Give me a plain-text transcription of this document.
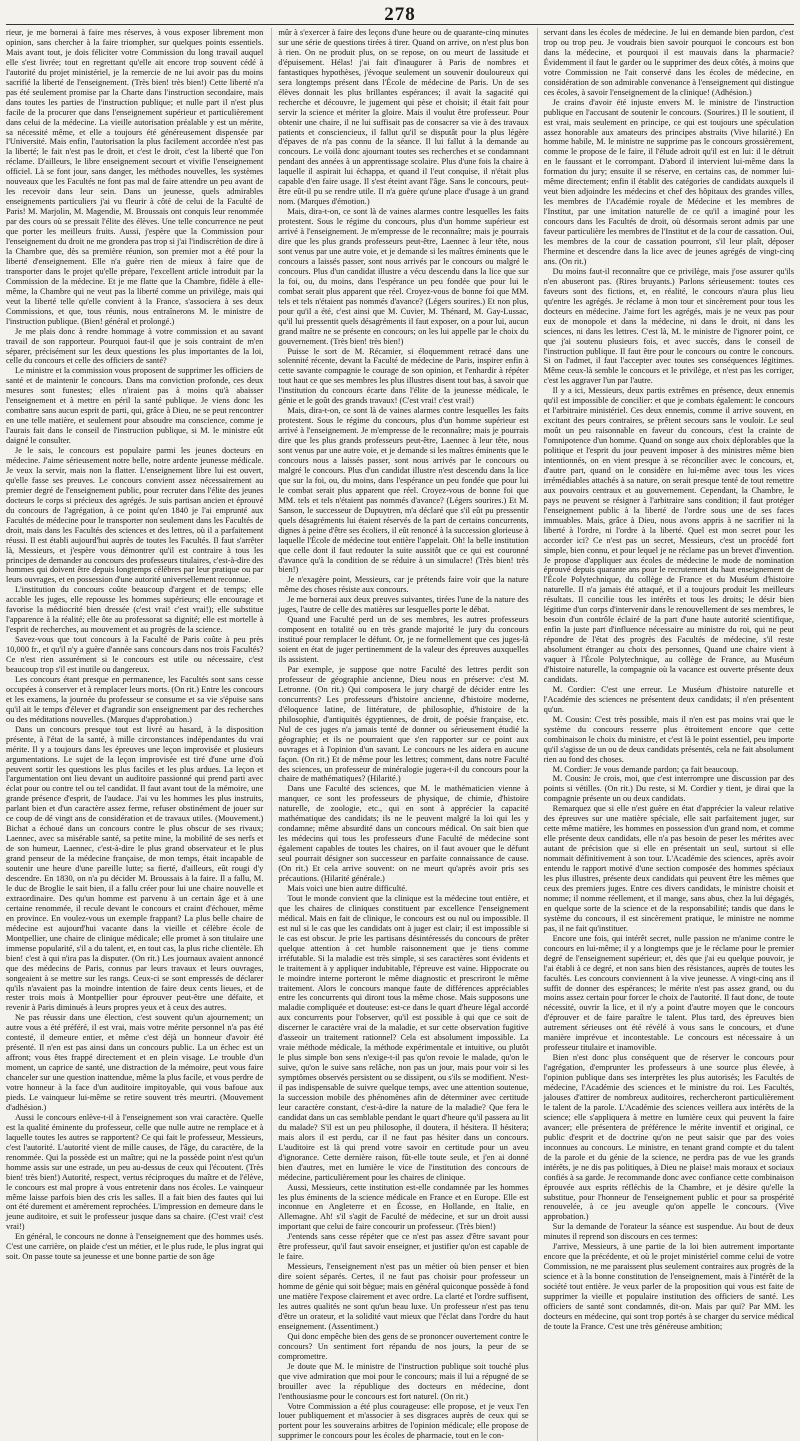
278

rieur, je me bornerai à faire mes réserves, à vous exposer librement mon opinion, sans chercher à la faire triompher, sur quelques points essentiels. Mais avant tout, je dois féliciter votre Commission du long travail auquel elle s'est livrée; tout en regrettant qu'elle ait encore trop souvent cédé à l'autorité du projet ministériel, je la remercie de ne lui avoir pas du moins sacrifié la liberté de l'enseignement. (Très bien! très bien!) Cette liberté n'a pas été seulement promise par la Charte dans l'instruction secondaire, mais dans toutes les parties de l'instruction publique; et nulle part il n'est plus facile de la procurer que dans l'enseignement supérieur et particulièrement dans celui de la médecine. La vieille autorisation préalable y est un mérite, sa nécessité même, et elle a toujours été généreusement dispensée par l'Université. Mais enfin, l'autorisation la plus facilement accordée n'est pas la liberté; le fait n'est pas le droit, et c'est le droit, c'est la liberté que l'on réclame. D'ailleurs, le libre enseignement secourt et vivifie l'enseignement officiel. Là se font jour, sans danger, les méthodes nouvelles, les systèmes nouveaux que les Facultés ne font pas mal de faire attendre un peu avant de les recevoir dans leur sein. Dans un jeunesse, quels admirables enseignements particuliers j'ai vu fleurir à côté de celui de la Faculté de Paris! M. Marjolin, M. Magendie, M. Broussais ont conquis leur renommée par des cours où se pressait l'élite des élèves. Une telle concurrence ne peut que porter les meilleurs fruits. Aussi, j'espère que la Commission pour l'enseignement du droit ne me grondera pas trop si j'ai l'indiscrétion de dire à la Chambre que, dès sa première réunion, son premier mot a été pour la liberté d'enseignement. Elle n'a guère rien de mieux à faire que de transporter dans le projet qu'elle prépare, l'excellent article introduit par la Commission de la médecine. Et je me flatte que la Chambre, fidèle à elle-même, la Chambre qui ne veut pas la liberté comme un privilège, mais qui veut la liberté telle qu'elle convient à la France, s'associera à ses deux Commissions, et que, tous réunis, nous entraînerons M. le ministre de l'instruction publique. (Bien! général et prolongé.)

Je me plais donc à rendre hommage à votre commission et au savant travail de son rapporteur. Pourquoi faut-il que je sois contraint de m'en séparer, précisément sur les deux questions les plus importantes de la loi, celle du concours et celle des officiers de santé?

Le ministre et la commission vous proposent de supprimer les officiers de santé et de maintenir le concours. Dans ma conviction profonde, ces deux mesures sont funestes; elles n'iraient pas à moins qu'à abaisser l'enseignement et à mettre en péril la santé publique. Je viens donc les combattre sans aucun esprit de parti, qui, grâce à Dieu, ne se peut rencontrer en une telle matière, et seulement pour absoudre ma conscience, comme je l'aurais fait dans le conseil de l'instruction publique, si M. le ministre eût daigné le consulter.

Je le sais, le concours est populaire parmi les jeunes docteurs en médecine. J'aime sérieusement notre belle, notre ardente jeunesse médicale. Je veux la servir, mais non la flatter. L'enseignement libre lui est ouvert, qu'elle fasse ses preuves. Le concours convient assez nécessairement au premier degré de l'enseignement public, pour recruter dans l'élite des jeunes docteurs le corps si précieux des agrégés. Je suis partisan ancien et éprouvé du concours de l'agrégation, à ce point qu'en 1840 je l'ai emprunté aux Facultés de médecine pour le transporter non seulement dans les Facultés de droit, mais dans les Facultés des sciences et des lettres, où il a parfaitement réussi. Il est établi aujourd'hui auprès de toutes les Facultés. Il faut s'arrêter là, Messieurs, et j'espère vous démontrer qu'il est contraire à tous les principes de demander au concours des professeurs titulaires, c'est-à-dire des hommes qui doivent être depuis longtemps célèbres par leur pratique ou par leurs ouvrages, et en possession d'une autorité universellement reconnue.

L'institution du concours coûte beaucoup d'argent et de temps; elle accable les juges, elle repousse les hommes supérieurs; elle encourage et favorise la médiocrité bien dressée (c'est vrai! c'est vrai!); elle substitue l'apparence à la réalité; elle ôte au professorat sa dignité; elle est mortelle à l'esprit de recherches, au mouvement et au progrès de la science.

Savez-vous que tout concours à la Faculté de Paris coûte à peu près 10,000 fr., et qu'il n'y a guère d'année sans concours dans nos trois Facultés? Ce n'est rien assurément si le concours est utile ou nécessaire, c'est beaucoup trop s'il est inutile ou dangereux.

Les concours étant presque en permanence, les Facultés sont sans cesse occupées à conserver et à remplacer leurs morts. (On rit.) Entre les concours et les examens, la journée du professeur se consume et sa vie s'épuise sans qu'il ait le temps d'élever et d'agrandir son enseignement par des recherches ou des méditations nouvelles. (Marques d'approbation.)

Dans un concours presque tout est livré au hasard, à la disposition présente, à l'état de la santé, à mille circonstances indépendantes du vrai mérite. Il y a toujours dans les épreuves une leçon improvisée et plusieurs argumentations. Le sujet de la leçon improvisée est tiré d'une urne d'où peuvent sortir les questions les plus faciles et les plus ardues. La leçon et l'argumentation ont lieu devant un auditoire passionné qui prend parti avec éclat pour ou contre tel ou tel candidat. Il faut avant tout de la mémoire, une grande présence d'esprit, de l'audace. J'ai vu les hommes les plus instruits, parlant bien et d'un caractère assez ferme, refuser obstinément de jouer sur ce coup de dé vingt ans de considération et de travaux utiles. (Mouvement.) Bichat a échoué dans un concours contre le plus obscur de ses rivaux; Laennec, avec sa misérable santé, sa petite mine, la mobilité de ses nerfs et de son humeur, Laennec, c'est-à-dire le plus grand observateur et le plus grand penseur de la médecine française, de mon temps, était incapable de soutenir une heure d'une pareille lutte; sa fierté, d'ailleurs, eût rougi d'y descendre. En 1830, on n'a pu décider M. Broussais à la faire. Il a fallu, M. le duc de Broglie le sait bien, il a fallu créer pour lui une chaire nouvelle et extraordinaire. Des qu'un homme est parvenu à un certain âge et à une certaine renommée, il recule devant le concours et craint d'échouer, même en province. En voulez-vous un exemple frappant? La plus belle chaire de médecine est aujourd'hui vacante dans la vieille et célèbre école de Montpellier, une chaire de clinique médicale; elle promet à son titulaire une immense popularité, s'il a du talent, et, en tout cas, la plus riche clientèle. Eh bien! c'est à qui n'ira pas la disputer. (On rit.) Les journaux avaient annoncé que des médecins de Paris, connus par leurs travaux et leurs ouvrages, songeaient à se mettre sur les rangs. Ceux-ci se sont empressés de déclarer qu'ils n'avaient pas la moindre intention de faire deux cents lieues, et de rester trois mois à Montpellier pour éprouver peut-être une défaite, et revenir à Paris diminués à leurs propres yeux et à ceux des autres.

Ne pas réussir dans une élection, c'est souvent qu'un ajournement; un autre vous a été préféré, il est vrai, mais votre mérite personnel n'a pas été contesté, il demeure entier, et même c'est déjà un honneur d'avoir été présenté. Il n'en est pas ainsi dans un concours public. La un échec est un affront; vous êtes frappé directement et en plein visage. Le trouble d'un moment, un caprice de santé, une distraction de la mémoire, peut vous faire chanceler sur une question inattendue, même la plus facile, et vous perdre de votre honneur à la face d'un auditoire impitoyable, qui vous bafoue aux pieds. Le vainqueur lui-même se retire souvent très meurtri. (Mouvement d'adhésion.)

Aussi le concours enlève-t-il à l'enseignement son vrai caractère. Quelle est la qualité éminente du professeur, celle que nulle autre ne remplace et à laquelle toutes les autres se rapportent? Ce qui fait le professeur, Messieurs, c'est l'autorité. L'autorité vient de mille causes, de l'âge, du caractère, de la renommée. Qui la possède est un maître; qui ne la possède point n'est qu'un homme assis sur une estrade, un peu au-dessus de ceux qui l'écoutent. (Très bien! très bien!) Autorité, respect, vertus réciproques du maître et de l'élève, le concours est mal propre à vous entretenir dans nos écoles. Le vainqueur même laisse parfois bien des cris les salles. Il a fait bien des fautes qui lui ont été durement et amèrement reprochées. L'impression en demeure dans le jeune auditoire, et suit le professeur jusque dans sa chaire. (C'est vrai! c'est vrai!)

En général, le concours ne donne à l'enseignement que des hommes usés. C'est une carrière, on plaide c'est un métier, et le plus rude, le plus ingrat qui soit. On passe toute sa jeunesse et une bonne partie de son âge

mûr à s'exercer à faire des leçons d'une heure ou de quarante-cinq minutes sur une série de questions tirées à tirer. Quand on arrive, on n'est plus bon à rien. On ne produit plus, on se repose, on ou meurt de lassitude et d'épuisement. Hélas! j'ai fait d'inaugurer à Paris de nombres et fantastiques hypothèses, j'évoque seulement un souvenir douloureux qui sera longtemps présent dans l'École de médecine de Paris. Un de ses élèves donnait les plus brillantes espérances; il avait la sagacité qui recherche et découvre, le jugement qui pèse et choisit; il était fait pour servir la science et mériter la gloire. Mais il voulut être professeur. Pour obtenir une chaire, il ne lui suffisait pas de consacrer sa vie à des travaux patients et consciencieux, il fallut qu'il se disputât pour la plus légère d'épaves de n'a pas connu de la séance. Il lui fallut à la demande au concours. Le voilà donc ajournant toutes ses recherches et se condamnant pendant des années à un apprentissage scolaire. Plus d'une fois la chaire à laquelle il aspirait lui échappa, et quand il l'eut conquise, il n'était plus capable d'en faire usage. Il s'est éteint avant l'âge. Sans le concours, peut-être eût-il pu se rendre utile. Il n'a guère qu'une place d'usage à un grand nom. (Marques d'émotion.)

Mais, dira-t-on, ce sont là de vaines alarmes contre lesquelles les faits protestent. Sous le régime du concours, plus d'un homme supérieur est arrivé à l'enseignement. Je m'empresse de le reconnaître; mais je pourrais dire que les plus grands professeurs peut-être, Laennec à leur tête, nous sont venus par une autre voie, et je demande si les maîtres éminents que le concours a laissés passer, sont nous arrivés par le concours ou malgré le concours. Plus d'un candidat illustre a vécu descendu dans la lice que sur la foi, ou, du moins, dans l'espérance un peu fondée que pour lui le combat serait plus apparent que réel. Croyez-vous de bonne foi que MM. tels et tels n'étaient pas nommés d'avance? (Légers sourires.) Et non plus, pour qu'il a été, c'est ainsi que M. Cuvier, M. Thénard, M. Gay-Lussac, qu'il lui pressentit quels désagréments il faut exposer, on a pour lui, aucun grand maître ne se présente en concours; on les lui appelle par le choix du gouvernement. (Très bien! très bien!)

Puisse le sort de M. Récamier, si éloquemment retracé dans une solennité récente, devant la Faculté de médecine de Paris, inspirer enfin à cette savante compagnie le courage de son opinion, et l'enhardir à répéter tout haut ce que ses membres les plus illustres disent tout bas, à savoir que l'institution du concours écarte dans l'élite de la jeunesse médicale, le génie et le goût des grands travaux! (C'est vrai! c'est vrai!)

Mais, dira-t-on, ce sont là de vaines alarmes contre lesquelles les faits protestent. Sous le régime du concours, plus d'un homme supérieur est arrivé à l'enseignement. Je m'empresse de le reconnaître; mais je pourrais dire que les plus grands professeurs peut-être, Laennec à leur tête, nous sont venus par une autre voie, et je demande si les maîtres éminents que le concours nous a laissés passer, sont nous arrivés par le concours ou malgré le concours. Plus d'un candidat illustre n'est descendu dans la lice que sur la foi, ou, du moins, dans l'espérance un peu fondée que pour lui le combat serait plus apparent que réel. Croyez-vous de bonne foi que MM. tels et tels n'étaient pas nommés d'avance? (Légers sourires.) Et M. Sanson, le successeur de Dupuytren, m'a déclaré que s'il eût pu pressentir quels désagréments lui étaient réservés de la part de certains concurrents, dignes à peine d'être ses écoliers, il eût renoncé à la succession glorieuse à laquelle l'École de médecine tout entière l'appelait. Oh! la belle institution que celle dont il faut redouter la suite aussitôt que ce qui est couronné d'avance qu'à la condition de se réduire à un simulacre! (Très bien! très bien!)

Je n'exagère point, Messieurs, car je prétends faire voir que la nature même des choses résiste aux concours.

Je me bornerai aux deux preuves suivantes, tirées l'une de la nature des juges, l'autre de celle des matières sur lesquelles porte le débat.

Quand une Faculté perd un de ses membres, les autres professeurs composent en totalité ou en très grande majorité le jury du concours institué pour remplacer le défunt. Or, je ne formellement que ces juges-là soient en état de juger pertinemment de la valeur des épreuves auxquelles ils assistent.

Par exemple, je suppose que notre Faculté des lettres perdit son professeur de géographie ancienne, Dieu nous en préserve: c'est M. Letronne. (On rit.) Qui composera le jury chargé de décider entre les concurrents? Les professeurs d'histoire ancienne, d'histoire moderne, d'éloquence latine, de littérature, de philosophie, d'histoire de la philosophie, d'antiquités égyptiennes, de droit, de poésie française, etc. Nul de ces juges n'a jamais tenté de donner ou sérieusement étudié la géographie; et ils ne pourraient que s'en rapporter sur ce point aux ouvrages et à l'opinion d'un savant. Le concours ne les aidera en aucune façon. (On rit.) Et de même pour les lettres; comment, dans notre Faculté des sciences, un professeur de minéralogie jugera-t-il du concours pour la chaire de mathématiques? (Hilarité.)

Dans une Faculté des sciences, que M. le mathématicien vienne à manquer, ce sont les professeurs de physique, de chimie, d'histoire naturelle, de zoologie, etc., qui en sont à apprécier la capacité mathématique des candidats; ils ne le peuvent malgré la loi qui les y condamne; même absurdité dans un concours médical. On sait bien que les médecins qui tous les professeurs d'une Faculté de médecine sont également capables de toutes les chaires, on il faut avouer que le défunt seul pourrait désigner son successeur en parfaite connaissance de cause. (On rit.) Et cela arrive souvent: on ne meurt qu'après avoir pris ses précautions. (Hilarité générale.)

Mais voici une bien autre difficulté.

Tout le monde convient que la clinique est la médecine tout entière, et que les chaires de cliniques constituent par excellence l'enseignement médical. Mais en fait de clinique, le concours est ou nul ou impossible. Il est nul si le cas que les candidats ont à juger est clair; il est impossible si le cas est obscur. Je prie les partisans désintéressés du concours de prêter quelque attention à cet humble raisonnement que je tiens comme irréfutable. Si la maladie est très simple, si ses caractères sont évidents et le traitement à y appliquer indubitable, l'épreuve est vaine. Hippocrate ou le moindre interne porteront le même diagnostic et prescriront le même traitement. Alors le concours manque faute de différences appréciables entre les concurrents qui diront tous la même chose. Mais supposons une maladie compliquée et douteuse: est-ce dans le quart d'heure légal accordé aux concurrents pour l'observer, qu'il est possible à qui que ce soit de discerner le caractère vrai de la maladie, et sur cette observation fugitive d'asseoir un traitement rationnel? Cela est absolument impossible. La vraie méthode médicale, la méthode expérimentale et intuitive, ou plutôt le plus simple bon sens n'exige-t-il pas qu'on revoie le malade, qu'on le suive, qu'on le suive sans relâche, non pas un jour, mais pour voir si les symptômes observés persistent ou se dissipent, ou s'ils se modifient. N'est-il pas indispensable de suivre quelque temps, avec une attention soutenue, la succession mobile des phénomènes afin de déterminer avec certitude leur caractère constant, c'est-à-dire la nature de la maladie? Que fera le candidat dans un cas semblable pendant le quart d'heure qu'il passera au lit du malade? S'il est un peu philosophe, il doutera, il hésitera. Il hésitera; mais alors il est perdu, car il ne faut pas hésiter dans un concours. L'auditoire est là qui prend votre savoir en certitude pour un aveu d'ignorance. Cette dernière raison, fût-elle toute seule, et j'en ai donné bien d'autres, met en lumière le vice de l'institution des concours de médecine, particulièrement pour les chaires de clinique.

Aussi, Messieurs, cette institution est-elle condamnée par les hommes les plus éminents de la science médicale en France et en Europe. Elle est inconnue en Angleterre et en Écosse, en Hollande, en Italie, en Allemagne. Ah! s'il s'agit de Faculté de médecine, et sur un droit aussi important que celui de faire concourir un professeur. (Très bien!)

J'entends sans cesse répéter que ce n'est pas assez d'être savant pour être professeur, qu'il faut savoir enseigner, et justifier qu'on est capable de le faire.

Messieurs, l'enseignement n'est pas un métier où bien penser et bien dire soient séparés. Certes, il ne faut pas choisir pour professeur un homme de génie qui soit bègue; mais en général quiconque possède à fond une matière l'expose clairement et avec ordre. La clarté et l'ordre suffisent, les autres qualités ne sont qu'un beau luxe. Un professeur n'est pas tenu d'être un orateur, et la solidité vaut mieux que l'éclat dans l'ordre du haut enseignement. (Assentiment.)

Qui donc empêche bien des gens de se prononcer ouvertement contre le concours? Un sentiment fort répandu de nos jours, la peur de se compromettre.

Je doute que M. le ministre de l'instruction publique soit touché plus que vive admiration que moi pour le concours; mais il lui a répugné de se brouiller avec la république des docteurs en médecine, dont l'enthousiasme pour le concours est fort naturel. (On rit.)

Votre Commission a été plus courageuse: elle propose, et je veux l'en louer publiquement et m'associer à ses disgraces auprès de ceux qui se portent pour les souverains arbitres de l'opinion médicale; elle propose de supprimer le concours pour les écoles de pharmacie, tout en le con-

servant dans les écoles de médecine. Je lui en demande bien pardon, c'est trop ou trop peu. Je voudrais bien savoir pourquoi le concours est bon dans la médecine, et pourquoi il est mauvais dans la pharmacie? Évidemment il faut le garder ou le supprimer des deux côtés, à moins que votre Commission ne l'ait conservé dans les écoles de médecine, en considération de son admirable convenance à l'enseignement qui distingue ces écoles, à savoir l'enseignement de la clinique! (Adhésion.)

Je crains d'avoir été injuste envers M. le ministre de l'instruction publique en l'accusant de soutenir le concours. (Sourires.) Il le soutient, il est vrai, mais seulement en principe, ce qui est toujours une spéculation assez honorable aux amateurs des principes abstraits (Vive hilarité.) En homme habile, M. le ministre ne supprime pas le concours grossièrement, comme le propose de le faire, il l'élude adroit qu'il est en lui: il le détruit en le faussant et le corrompant. D'abord il intervient lui-même dans la formation du jury; ensuite il se réserve, en certains cas, de nommer lui-même directement; enfin il établit des catégories de candidats auxquels il veut bien adjoindre les médecins et chef des hôpitaux des grandes villes, les membres de l'Académie royale de Médecine et les membres de l'Institut, par une imitation naturelle de ce qu'il a imaginé pour les concours dans les Facultés de droit, où désormais seront admis par une faveur particulière les membres de l'Institut et de la cour de cassation. Oui, les membres de la cour de cassation pourront, s'il leur plaît, déposer l'hermine et descendre dans la lice avec de jeunes agrégés de vingt-cinq ans. (On rit.)

Du moins faut-il reconnaître que ce privilège, mais j'ose assurer qu'ils n'en abuseront pas. (Rires bruyants.) Parlons sérieusement: toutes ces faveurs sont des fictions, et, en réalité, le concours n'aura plus lieu qu'entre les agrégés. Je réclame à mon tour et sincèrement pour tous les docteurs en médecine. J'aime fort les agrégés, mais je ne veux pas pour eux de monopole et dans la médecine, ni dans le droit, ni dans les sciences, ni dans les lettres. C'est là, M. le ministre de l'ignorer point, ce que j'ai soutenu plusieurs fois, et avec succès, dans le conseil de l'instruction publique. Il faut être pour le concours ou contre le concours. Si on l'admet, il faut l'accepter avec toutes ses conséquences légitimes. Même ceux-là semble le concours et le privilège, et n'est pas les corriger, c'est les aggraver l'un par l'autre.

Il y a ici, Messieurs, deux partis extrêmes en présence, deux ennemis qu'il est impossible de concilier: et que je combats également: le concours et l'arbitraire ministériel. Ces deux ennemis, comme il arrive souvent, en excitant des peurs contraires, se prêtent secours sans le vouloir. Le seul moût un peu raisonnable en faveur du concours, c'est la crainte de l'omnipotence d'un homme. Quand on songe aux choix déplorables que la politique et l'esprit du jour peuvent imposer à des ministres même bien intentionnés, on en vient presque à se réconcilier avec le concours, et, d'autre part, quand on le considère en lui-même avec tous les vices irrémédiables attachés à sa nature, on serait presque tenté de tout remettre aux pouvoirs centraux et au gouvernement. Cependant, la Chambre, le pays ne peuvent se résigner à l'arbitraire sans condition; il faut protéger l'enseignement public à la liberté de l'ordre sous une de ses faces immuables. Mais, grâce à Dieu, nous avons appris à ne sacrifier ni la liberté à l'ordre, ni l'ordre à la liberté. Quel est mon secret pour les accorder ici? Ce n'est pas un secret, Messieurs, c'est un procédé fort simple, bien connu, et pour lequel je ne réclame pas un brevet d'invention. Je propose d'appliquer aux écoles de médecine le mode de nomination éprouvé depuis quarante ans pour le recrutement du haut enseignement de l'École Polytechnique, du collège de France et du Muséum d'histoire naturelle. Il n'a jamais été attaqué, et il a toujours produit les meilleurs résultats. Il concilie tous les intérêts et tous les droits; le désir bien légitime d'un corps d'intervenir dans le renouvellement de ses membres, le besoin d'un contrôle éclairé de la part d'une haute autorité scientifique, enfin la juste part d'influence nécessaire au ministre du roi, qui ne peut répondre de l'état des progrès des Facultés de médecine, s'il reste absolument étranger au choix des personnes, Quand une chaire vient à vaquer à l'École Polytechnique, au collège de France, au Muséum d'histoire naturelle, la compagnie où la vacance est ouverte présente deux candidats.

M. Cordier: C'est une erreur. Le Muséum d'histoire naturelle et l'Académie des sciences ne présentent deux candidats; il n'en présentent qu'un.

M. Cousin: C'est très possible, mais il n'en est pas moins vrai que le système du concours resserre plus étroitement encore que cette combinaison le choix du ministre, et c'est là le point essentiel, peu importe qu'il s'agisse de un ou de deux candidats présentés, cela ne fait absolument rien au fond des choses.

M. Cordier: Je vous demande pardon; ça fait beaucoup.

M. Cousin: Je crois, moi, que c'est interrompre une discussion par des points si vétilles. (On rit.) Du reste, si M. Cordier y tient, je dirai que la compagnie présente un ou deux candidats.

Remarquez que si elle n'est guère en état d'apprécier la valeur relative des épreuves sur une matière spéciale, elle sait parfaitement juger, sur cette même matière, les hommes en possession d'un grand nom, et comme elle présente deux candidats, elle n'a pas besoin de peser les mérites avec autant de précision que si elle en présentait un seul, surtout si elle nommait définitivement à son tour. L'Académie des sciences, après avoir entendu le rapport motivé d'une section composée des hommes spéciaux les plus illustres, présente deux candidats qui peuvent être les mêmes que ceux des premiers juges. Entre ces divers candidats, le ministre choisit et nomme; il nomme réellement, et il mange, sans abus, chez la lui dégagés, en quelque sorte de la science et de la responsabilité; tandis que dans le système du concours, il est sincèrement pratique, le ministre ne nomme pas, il ne fait qu'instituer.

Encore une fois, qui intérêt secret, nulle passion ne m'anime contre le concours en lui-même; il y a longtemps que je le réclame pour le premier degré de l'enseignement supérieur; et, dès que j'ai eu quelque pouvoir, je l'ai établi à ce degré, et non sans bien des résistances, auprès de toutes les facultés. Les concours conviennent à la vive jeunesse. A vingt-cinq ans il suffit de donner des espérances; le mérite n'est pas assez grand, ou du moins assez certain pour forcer le choix de l'autorité. Il faut donc, de toute nécessité, ouvrir la lice, et il n'y a point d'autre moyen que le concours d'éprouver et de faire paraître le talent. Plus tard, des épreuves bien autrement sérieuses ont été révélé à vous sans le concours, et d'une manière imprévue et incontestable. Le concours est nécessaire à un professeur titulaire et inamovible.

Bien n'est donc plus conséquent que de réserver le concours pour l'agrégation, d'emprunter les professeurs à une source plus élevée, à l'opinion publique dans ses interprètes les plus autorisés; les Facultés de médecine, l'Académie des sciences et le ministre du roi. Les Facultés, jalouses d'attirer de nombreux auditoires, rechercheront particulièrement le talent de la parole. L'Académie des sciences veillera aux intérêts de la science; elle s'appliquera à mettre en lumière ceux qui peuvent la faire avancer; elle présentera de préférence le mérite inventif et original, ce public d'esprit et de doctrine qu'on ne peut saisir que par des voies inconnues au concours. Le ministre, en tenant grand compte et du talent de la parole et du génie de la science, ne perdra pas de vue les grands intérêts, je ne dis pas politiques, à Dieu ne plaise! mais moraux et sociaux confiés à sa garde. Je recommande donc avec confiance cette combinaison éprouvée aux esprits réfléchis de la Chambre, et je désire qu'elle la substitue, pour l'honneur de l'enseignement public et pour sa prospérité renouvelée, à ce jeu aveugle qu'on appelle le concours. (Vive approbation.)

Sur la demande de l'orateur la séance est suspendue. Au bout de deux minutes il reprend son discours en ces termes:

J'arrive, Messieurs, à une partie de la loi bien autrement importante encore que la précédente, et où le projet ministériel comme celui de votre Commission, ne me paraissent plus seulement contraires aux progrès de la science et à la bonne constitution de l'enseignement, mais à l'intérêt de la société tout entière. Je veux parler de la proposition qui vous est faite de supprimer la vieille et populaire institution des officiers de santé. Les officiers de santé sont condamnés, dit-on. Mais par qui? Par MM. les docteurs en médecine, qui sont trop portés à se charger du service médical de toute la France. C'est une très généreuse ambition;
